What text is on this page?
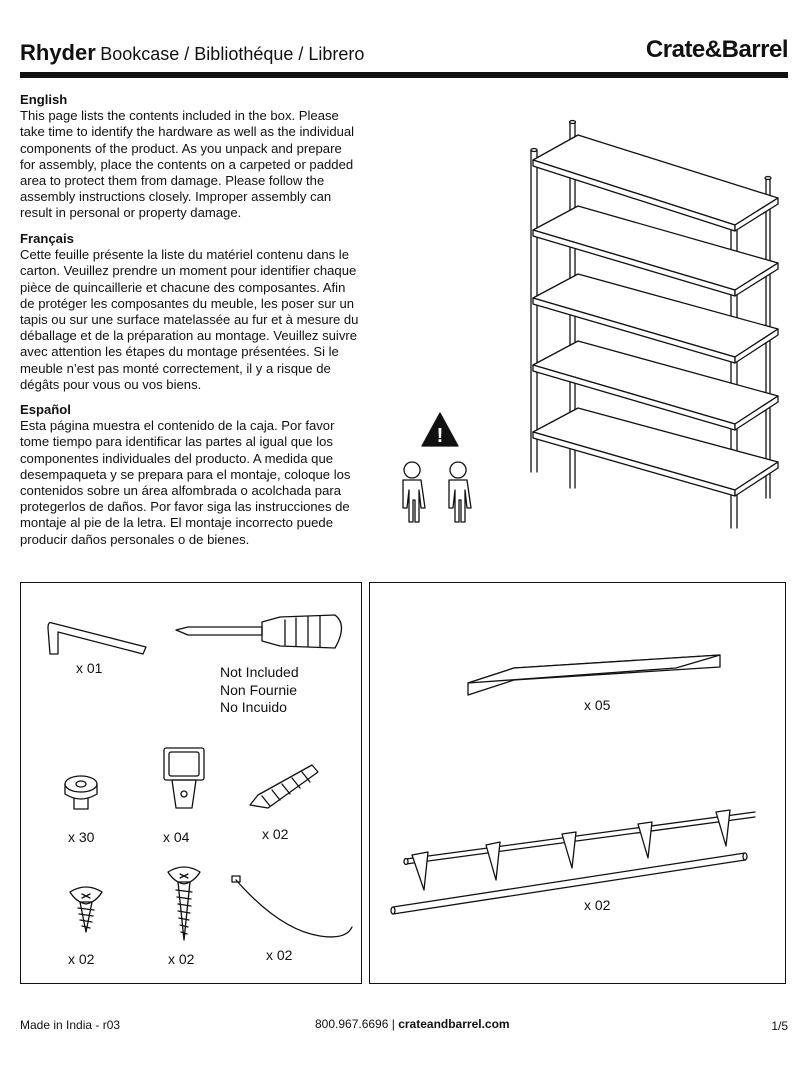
Rhyder Bookcase / Bibliothéque / Librero	Crate&Barrel

English

This page lists the contents included in the box. Please take time to identify the hardware as well as the individual components of the product. As you unpack and prepare for assembly, place the contents on a carpeted or padded area to protect them from damage. Please follow the assembly instructions closely. Improper assembly can result in personal or property damage.

Français

Cette feuille présente la liste du matériel contenu dans le carton. Veuillez prendre un moment pour identifier chaque pièce de quincaillerie et chacune des composantes. Afin de protéger les composantes du meuble, les poser sur un tapis ou sur une surface matelassée au fur et à mesure du déballage et de la préparation au montage. Veuillez suivre avec attention les étapes du montage présentées. Si le meuble n’est pas monté correctement, il y a risque de dégâts pour vous ou vos biens.

Español

Esta página muestra el contenido de la caja. Por favor tome tiempo para identificar las partes al igual que los componentes individuales del producto. A medida que desempaqueta y se prepara para el montaje, coloque los contenidos sobre un área alfombrada o acolchada para protegerlos de daños. Por favor siga las instrucciones de montaje al pie de la letra. El montaje incorrecto puede producir daños personales o de bienes.

!
x 01	Not Included
Non Fournie
No Incuido
x 30	x 04	x 02
x 02	x 02	x 02
x 05
x 02
Made in India - r03	800.967.6696 | crateandbarrel.com	1/5
